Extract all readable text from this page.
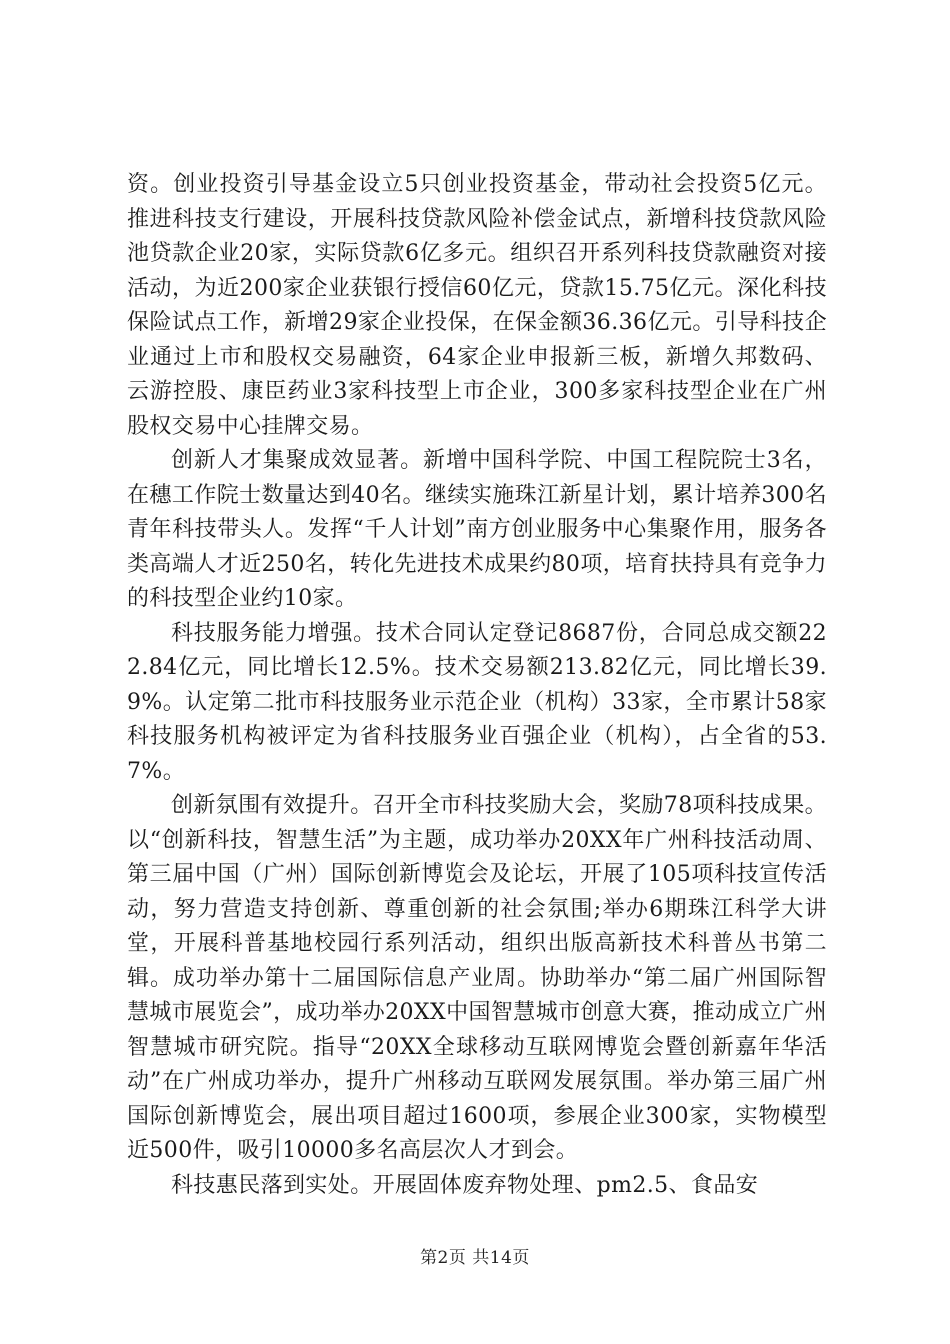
资。创业投资引导基金设立5只创业投资基金，带动社会投资5亿元。推进科技支行建设，开展科技贷款风险补偿金试点，新增科技贷款风险池贷款企业20家，实际贷款6亿多元。组织召开系列科技贷款融资对接活动，为近200家企业获银行授信60亿元，贷款15.75亿元。深化科技保险试点工作，新增29家企业投保，在保金额36.36亿元。引导科技企业通过上市和股权交易融资，64家企业申报新三板，新增久邦数码、云游控股、康臣药业3家科技型上市企业，300多家科技型企业在广州股权交易中心挂牌交易。

创新人才集聚成效显著。新增中国科学院、中国工程院院士3名，在穗工作院士数量达到40名。继续实施珠江新星计划，累计培养300名青年科技带头人。发挥“千人计划”南方创业服务中心集聚作用，服务各类高端人才近250名，转化先进技术成果约80项，培育扶持具有竞争力的科技型企业约10家。

科技服务能力增强。技术合同认定登记8687份，合同总成交额222.84亿元，同比增长12.5%。技术交易额213.82亿元，同比增长39.9%。认定第二批市科技服务业示范企业（机构）33家，全市累计58家科技服务机构被评定为省科技服务业百强企业（机构），占全省的53.7%。

创新氛围有效提升。召开全市科技奖励大会，奖励78项科技成果。以“创新科技，智慧生活”为主题，成功举办20XX年广州科技活动周、第三届中国（广州）国际创新博览会及论坛，开展了105项科技宣传活动，努力营造支持创新、尊重创新的社会氛围;举办6期珠江科学大讲堂，开展科普基地校园行系列活动，组织出版高新技术科普丛书第二辑。成功举办第十二届国际信息产业周。协助举办“第二届广州国际智慧城市展览会”，成功举办20XX中国智慧城市创意大赛，推动成立广州智慧城市研究院。指导“20XX全球移动互联网博览会暨创新嘉年华活动”在广州成功举办，提升广州移动互联网发展氛围。举办第三届广州国际创新博览会，展出项目超过1600项，参展企业300家，实物模型近500件，吸引10000多名高层次人才到会。

科技惠民落到实处。开展固体废弃物处理、pm2.5、食品安

第2页 共14页
